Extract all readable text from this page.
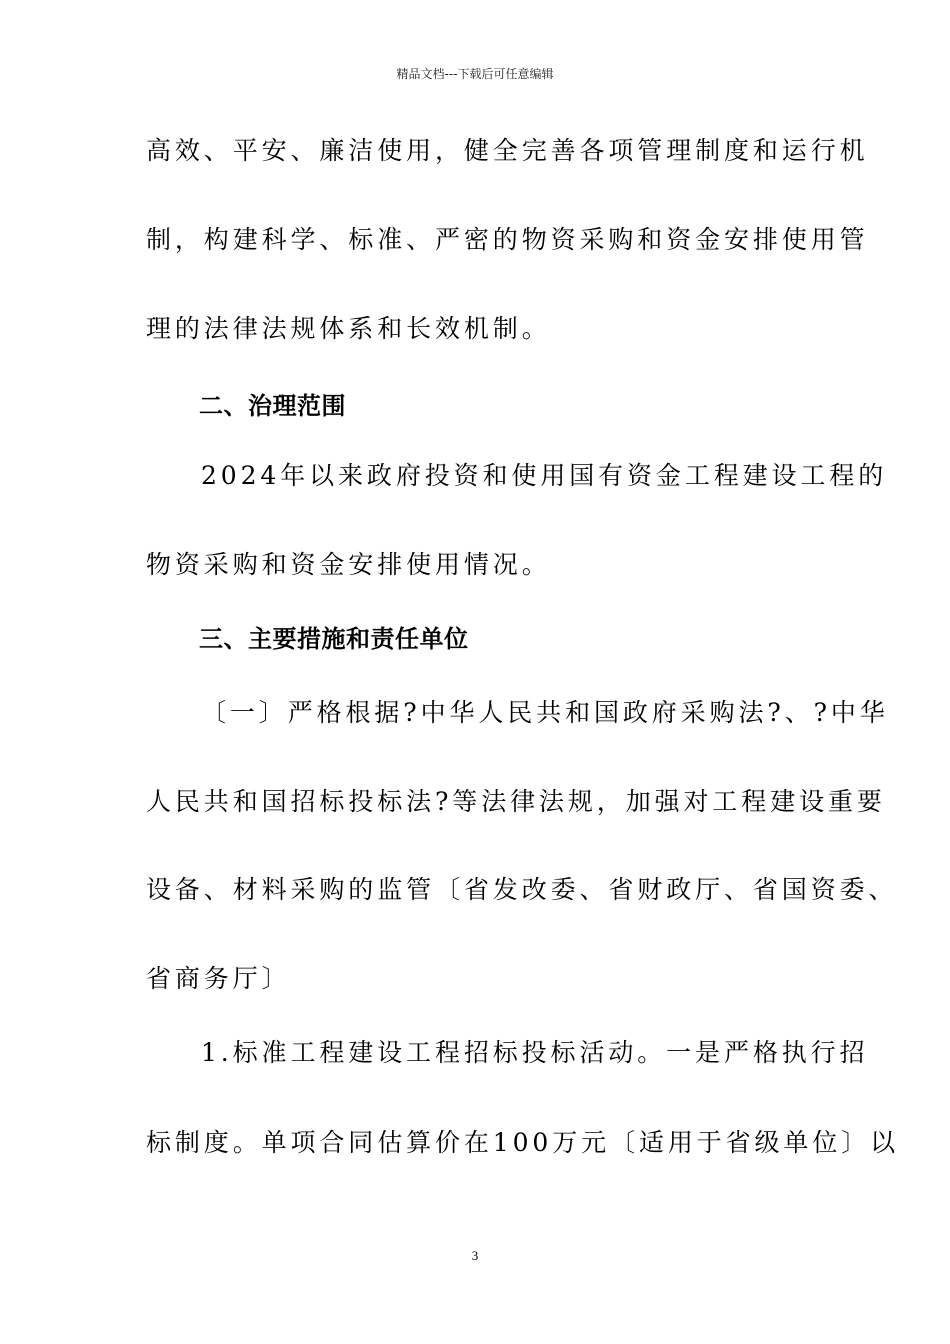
精品文档---下载后可任意编辑
高效、平安、廉洁使用，健全完善各项管理制度和运行机
制，构建科学、标准、严密的物资采购和资金安排使用管
理的法律法规体系和长效机制。
二、治理范围
2024年以来政府投资和使用国有资金工程建设工程的
物资采购和资金安排使用情况。
三、主要措施和责任单位
〔一〕严格根据?中华人民共和国政府采购法?、?中华
人民共和国招标投标法?等法律法规，加强对工程建设重要
设备、材料采购的监管〔省发改委、省财政厅、省国资委、
省商务厅〕
1.标准工程建设工程招标投标活动。一是严格执行招
标制度。单项合同估算价在100万元〔适用于省级单位〕以
3
